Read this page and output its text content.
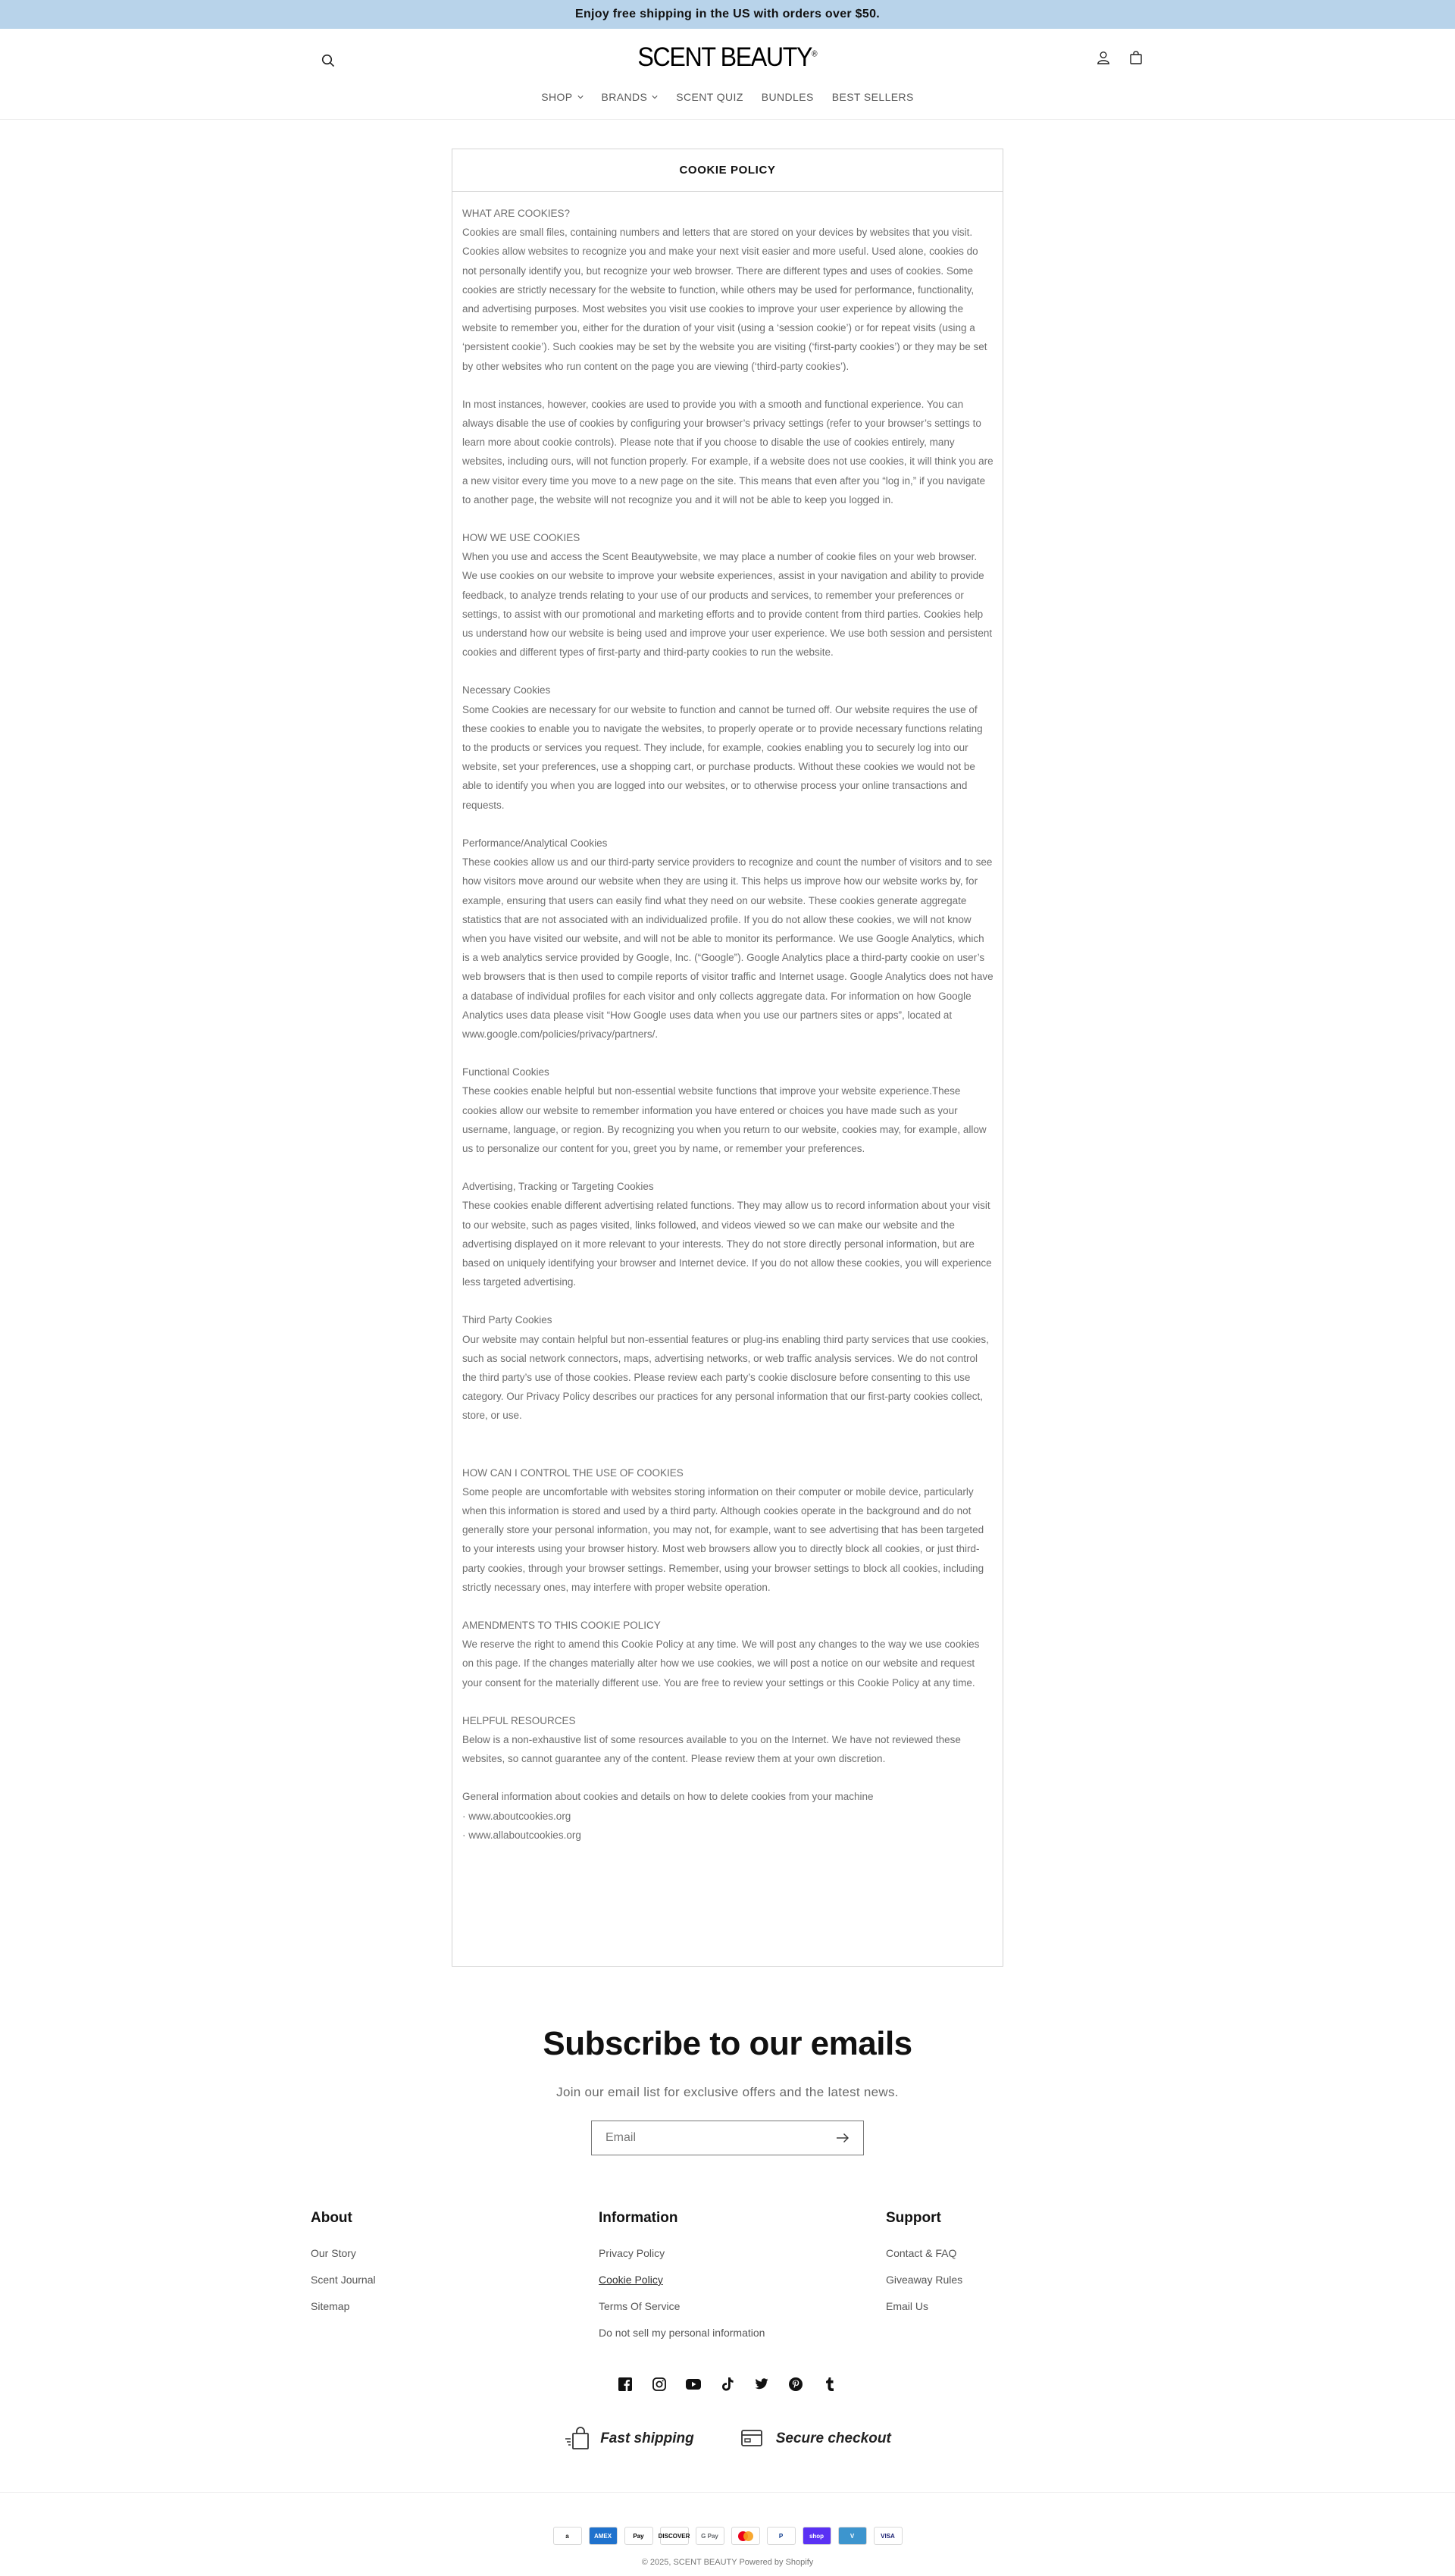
Enjoy free shipping in the US with orders over $50.
SCENT BEAUTY®
SHOP	BRANDS	SCENT QUIZ BUNDLES BEST SELLERS
COOKIE POLICY

WHAT ARE COOKIES?

Cookies are small files, containing numbers and letters that are stored on your devices by websites that you visit. Cookies allow websites to recognize you and make your next visit easier and more useful. Used alone, cookies do not personally identify you, but recognize your web browser. There are different types and uses of cookies. Some cookies are strictly necessary for the website to function, while others may be used for performance, functionality, and advertising purposes. Most websites you visit use cookies to improve your user experience by allowing the website to remember you, either for the duration of your visit (using a ‘session cookie’) or for repeat visits (using a ‘persistent cookie’). Such cookies may be set by the website you are visiting (‘first-party cookies’) or they may be set by other websites who run content on the page you are viewing (‘third-party cookies’).

In most instances, however, cookies are used to provide you with a smooth and functional experience. You can always disable the use of cookies by configuring your browser’s privacy settings (refer to your browser’s settings to learn more about cookie controls). Please note that if you choose to disable the use of cookies entirely, many websites, including ours, will not function properly. For example, if a website does not use cookies, it will think you are a new visitor every time you move to a new page on the site. This means that even after you “log in,” if you navigate to another page, the website will not recognize you and it will not be able to keep you logged in.

HOW WE USE COOKIES

When you use and access the Scent Beautywebsite, we may place a number of cookie files on your web browser. We use cookies on our website to improve your website experiences, assist in your navigation and ability to provide feedback, to analyze trends relating to your use of our products and services, to remember your preferences or settings, to assist with our promotional and marketing efforts and to provide content from third parties. Cookies help us understand how our website is being used and improve your user experience. We use both session and persistent cookies and different types of first-party and third-party cookies to run the website.

Necessary Cookies

Some Cookies are necessary for our website to function and cannot be turned off. Our website requires the use of these cookies to enable you to navigate the websites, to properly operate or to provide necessary functions relating to the products or services you request. They include, for example, cookies enabling you to securely log into our website, set your preferences, use a shopping cart, or purchase products. Without these cookies we would not be able to identify you when you are logged into our websites, or to otherwise process your online transactions and requests.

Performance/Analytical Cookies

These cookies allow us and our third-party service providers to recognize and count the number of visitors and to see how visitors move around our website when they are using it. This helps us improve how our website works by, for example, ensuring that users can easily find what they need on our website. These cookies generate aggregate statistics that are not associated with an individualized profile. If you do not allow these cookies, we will not know when you have visited our website, and will not be able to monitor its performance. We use Google Analytics, which is a web analytics service provided by Google, Inc. (“Google”). Google Analytics place a third-party cookie on user’s web browsers that is then used to compile reports of visitor traffic and Internet usage. Google Analytics does not have a database of individual profiles for each visitor and only collects aggregate data. For information on how Google Analytics uses data please visit “How Google uses data when you use our partners sites or apps”, located at www.google.com/policies/privacy/partners/.

Functional Cookies

These cookies enable helpful but non-essential website functions that improve your website experience.These cookies allow our website to remember information you have entered or choices you have made such as your username, language, or region. By recognizing you when you return to our website, cookies may, for example, allow us to personalize our content for you, greet you by name, or remember your preferences.

Advertising, Tracking or Targeting Cookies

These cookies enable different advertising related functions. They may allow us to record information about your visit to our website, such as pages visited, links followed, and videos viewed so we can make our website and the advertising displayed on it more relevant to your interests. They do not store directly personal information, but are based on uniquely identifying your browser and Internet device. If you do not allow these cookies, you will experience less targeted advertising.

Third Party Cookies

Our website may contain helpful but non-essential features or plug-ins enabling third party services that use cookies, such as social network connectors, maps, advertising networks, or web traffic analysis services. We do not control the third party’s use of those cookies. Please review each party’s cookie disclosure before consenting to this use category. Our Privacy Policy describes our practices for any personal information that our first-party cookies collect, store, or use.

HOW CAN I CONTROL THE USE OF COOKIES

Some people are uncomfortable with websites storing information on their computer or mobile device, particularly when this information is stored and used by a third party. Although cookies operate in the background and do not generally store your personal information, you may not, for example, want to see advertising that has been targeted to your interests using your browser history. Most web browsers allow you to directly block all cookies, or just third-party cookies, through your browser settings. Remember, using your browser settings to block all cookies, including strictly necessary ones, may interfere with proper website operation.

AMENDMENTS TO THIS COOKIE POLICY

We reserve the right to amend this Cookie Policy at any time. We will post any changes to the way we use cookies on this page. If the changes materially alter how we use cookies, we will post a notice on our website and request your consent for the materially different use. You are free to review your settings or this Cookie Policy at any time.

HELPFUL RESOURCES

Below is a non-exhaustive list of some resources available to you on the Internet. We have not reviewed these websites, so cannot guarantee any of the content. Please review them at your own discretion.

General information about cookies and details on how to delete cookies from your machine

· www.aboutcookies.org

· www.allaboutcookies.org

Subscribe to our emails
Join our email list for exclusive offers and the latest news.
Email
About
Our Story
Scent Journal
Sitemap
Information
Privacy Policy
Cookie Policy
Terms Of Service
Do not sell my personal information
Support
Contact & FAQ
Giveaway Rules
Email Us
Fast shipping	Secure checkout
a	AMEX	Pay DISCOVER G Pay	P	shop	V	VISA
© 2025, SCENT BEAUTY Powered by Shopify
